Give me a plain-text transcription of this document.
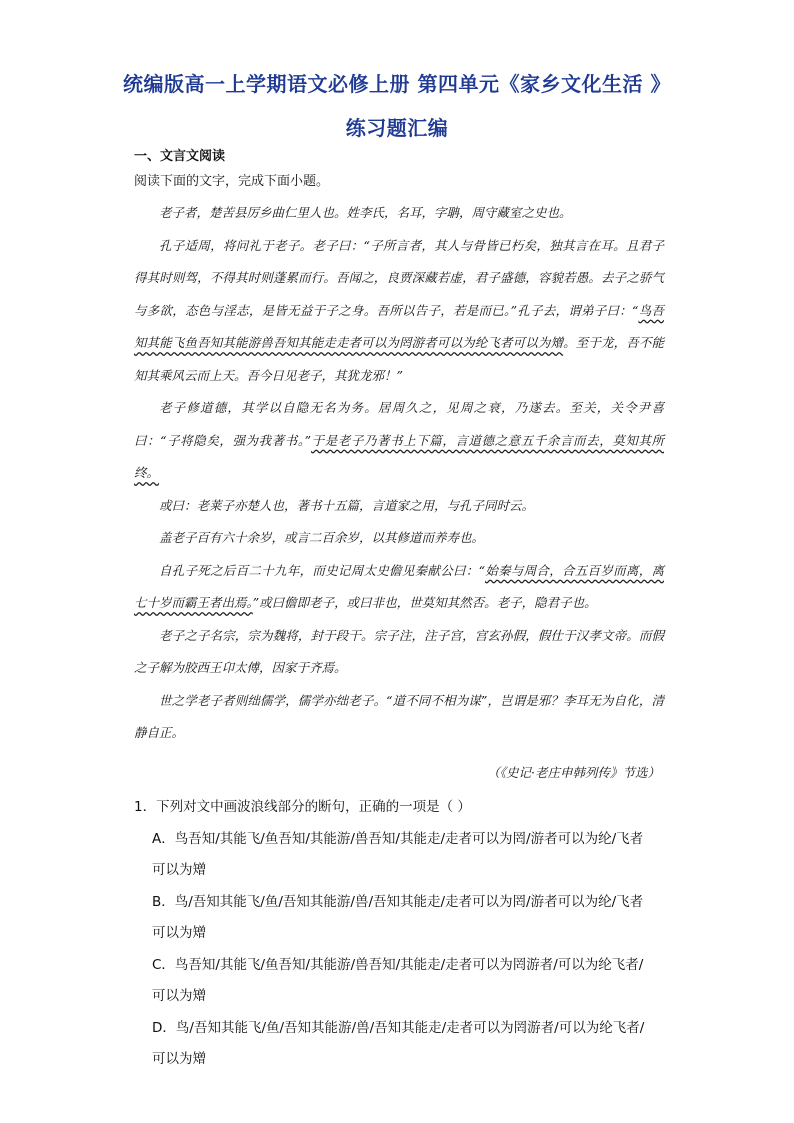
统编版高一上学期语文必修上册 第四单元《家乡文化生活 》
练习题汇编
一、文言文阅读
阅读下面的文字，完成下面小题。

老子者，楚苦县厉乡曲仁里人也。姓李氏，名耳，字聃，周守藏室之史也。

孔子适周，将问礼于老子。老子曰：“子所言者，其人与骨皆已朽矣，独其言在耳。且君子得其时则驾，不得其时则蓬累而行。吾闻之，良贾深藏若虚，君子盛德，容貌若愚。去子之骄气与多欲，态色与淫志，是皆无益于子之身。吾所以告子，若是而已。”孔子去，谓弟子曰：“鸟吾知其能飞鱼吾知其能游兽吾知其能走走者可以为罔游者可以为纶飞者可以为矰。至于龙，吾不能知其乘风云而上天。吾今日见老子，其犹龙邪！”

老子修道德，其学以自隐无名为务。居周久之，见周之衰，乃遂去。至关，关令尹喜曰：“子将隐矣，强为我著书。”于是老子乃著书上下篇，言道德之意五千余言而去，莫知其所终。

或曰：老莱子亦楚人也，著书十五篇，言道家之用，与孔子同时云。

盖老子百有六十余岁，或言二百余岁，以其修道而养寿也。

自孔子死之后百二十九年，而史记周太史儋见秦献公曰：“始秦与周合，合五百岁而离，离七十岁而霸王者出焉。”或曰儋即老子，或曰非也，世莫知其然否。老子，隐君子也。

老子之子名宗，宗为魏将，封于段干。宗子注，注子宫，宫玄孙假，假仕于汉孝文帝。而假之子解为胶西王卬太傅，因家于齐焉。

世之学老子者则绌儒学，儒学亦绌老子。“道不同不相为谋”，岂谓是邪？李耳无为自化，清静自正。

（《史记·老庄申韩列传》节选）

1．下列对文中画波浪线部分的断句，正确的一项是（ ）

A．鸟吾知/其能飞/鱼吾知/其能游/兽吾知/其能走/走者可以为罔/游者可以为纶/飞者
可以为矰

B．鸟/吾知其能飞/鱼/吾知其能游/兽/吾知其能走/走者可以为罔/游者可以为纶/飞者
可以为矰

C．鸟吾知/其能飞/鱼吾知/其能游/兽吾知/其能走/走者可以为罔游者/可以为纶飞者/
可以为矰

D．鸟/吾知其能飞/鱼/吾知其能游/兽/吾知其能走/走者可以为罔游者/可以为纶飞者/
可以为矰
